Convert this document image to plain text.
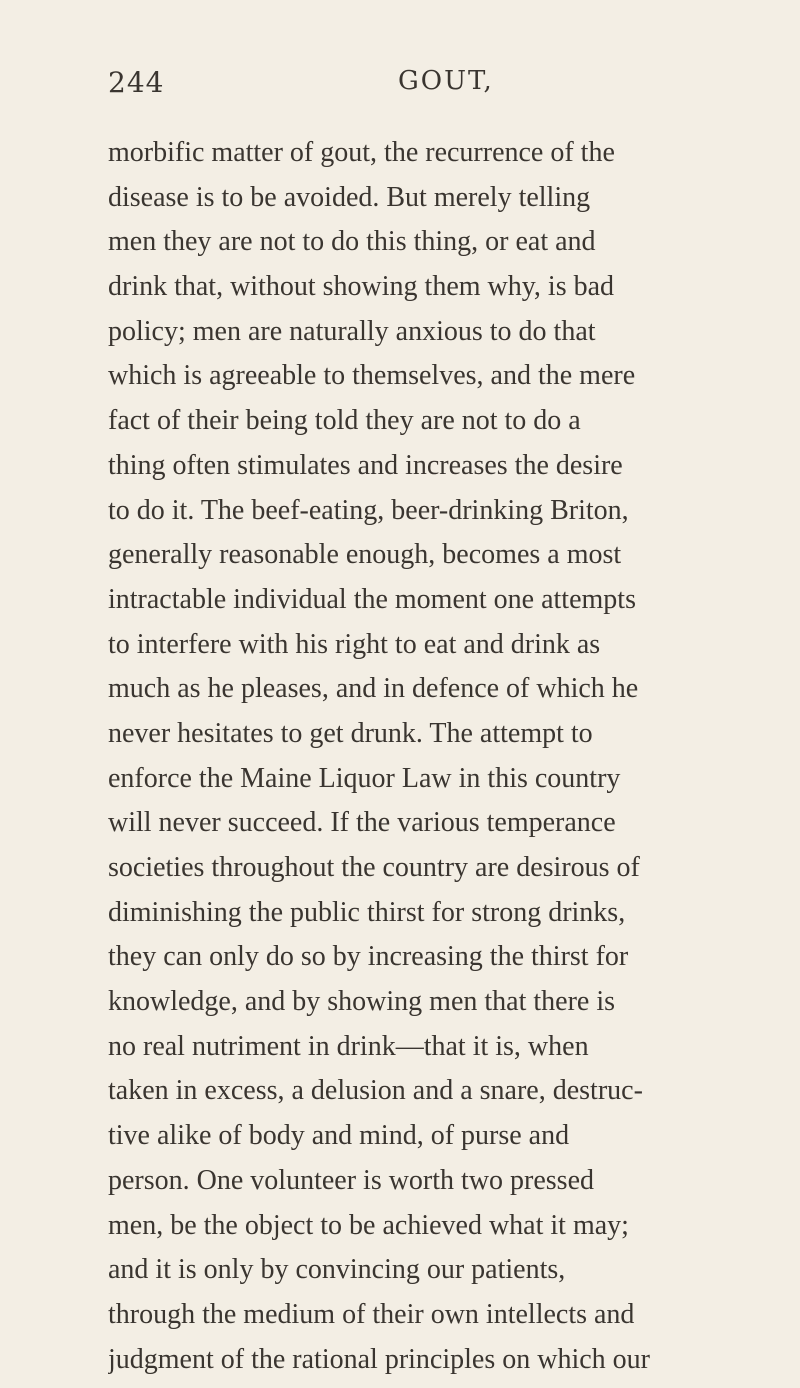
244	GOUT,
morbific matter of gout, the recurrence of the
disease is to be avoided. But merely telling
men they are not to do this thing, or eat and
drink that, without showing them why, is bad
policy; men are naturally anxious to do that
which is agreeable to themselves, and the mere
fact of their being told they are not to do a
thing often stimulates and increases the desire
to do it. The beef-eating, beer-drinking Briton,
generally reasonable enough, becomes a most
intractable individual the moment one attempts
to interfere with his right to eat and drink as
much as he pleases, and in defence of which he
never hesitates to get drunk. The attempt to
enforce the Maine Liquor Law in this country
will never succeed. If the various temperance
societies throughout the country are desirous of
diminishing the public thirst for strong drinks,
they can only do so by increasing the thirst for
knowledge, and by showing men that there is
no real nutriment in drink—that it is, when
taken in excess, a delusion and a snare, destruc-
tive alike of body and mind, of purse and
person. One volunteer is worth two pressed
men, be the object to be achieved what it may;
and it is only by convincing our patients,
through the medium of their own intellects and
judgment of the rational principles on which our
